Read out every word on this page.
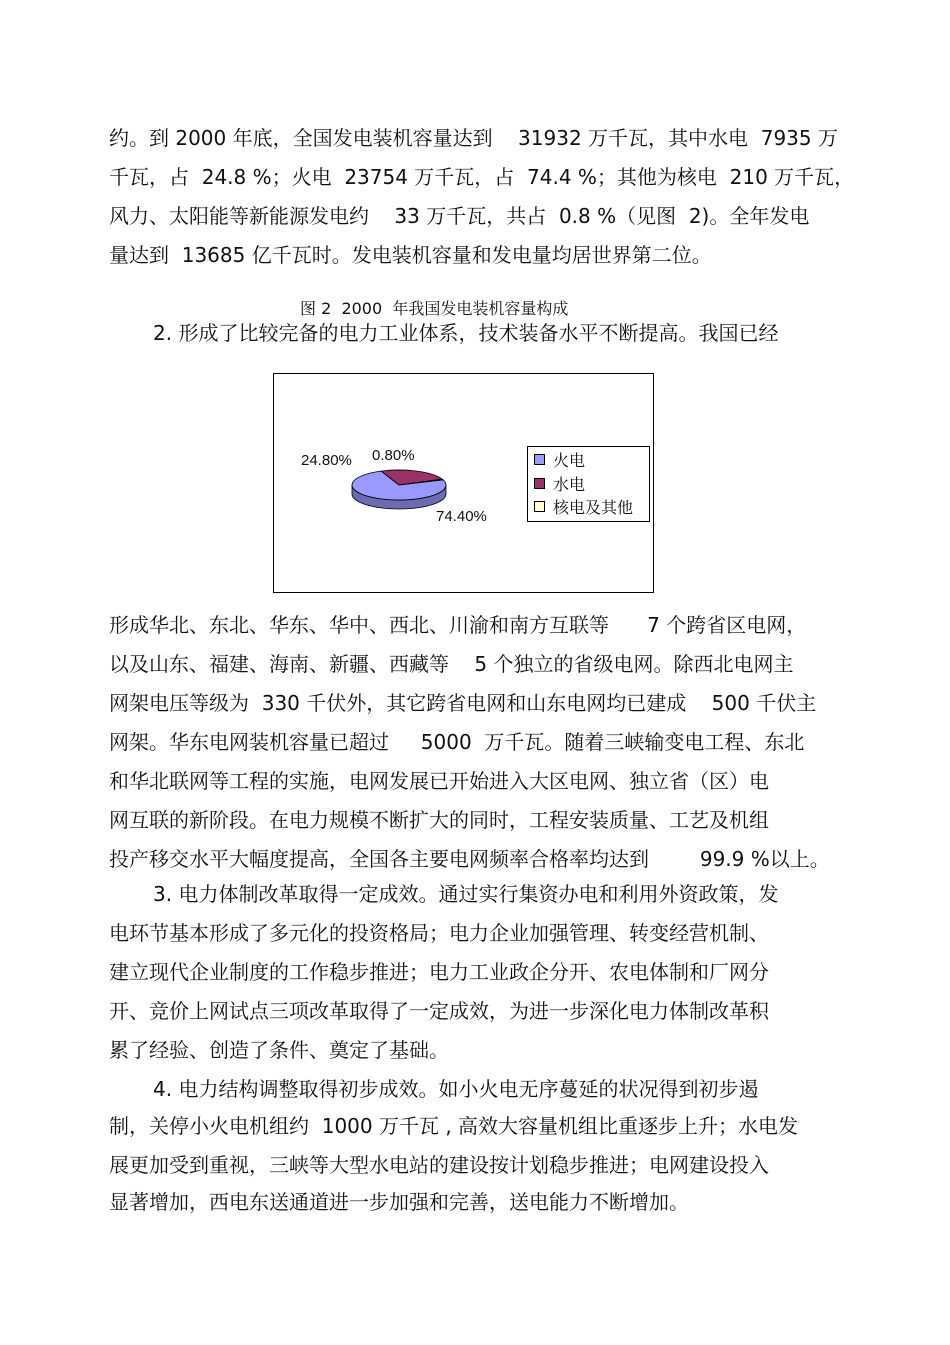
约。到 2000 年底，全国发电装机容量达到    31932 万千瓦，其中水电  7935 万

千瓦，占  24.8 %；火电  23754 万千瓦，占  74.4 %；其他为核电  210 万千瓦，

风力、太阳能等新能源发电约    33 万千瓦，共占  0.8 %（见图  2)。全年发电

量达到  13685 亿千瓦时。发电装机容量和发电量均居世界第二位。

图 2  2000  年我国发电装机容量构成

2. 形成了比较完备的电力工业体系，技术装备水平不断提高。我国已经

24.80% 0.80%
74.40%
火电
水电
核电及其他

形成华北、东北、华东、华中、西北、川渝和南方互联等      7 个跨省区电网，

以及山东、福建、海南、新疆、西藏等    5 个独立的省级电网。除西北电网主

网架电压等级为  330 千伏外，其它跨省电网和山东电网均已建成    500 千伏主

网架。华东电网装机容量已超过     5000  万千瓦。随着三峡输变电工程、东北

和华北联网等工程的实施，电网发展已开始进入大区电网、独立省（区）电

网互联的新阶段。在电力规模不断扩大的同时，工程安装质量、工艺及机组

投产移交水平大幅度提高，全国各主要电网频率合格率均达到        99.9 %以上。

3. 电力体制改革取得一定成效。通过实行集资办电和利用外资政策，发

电环节基本形成了多元化的投资格局；电力企业加强管理、转变经营机制、

建立现代企业制度的工作稳步推进；电力工业政企分开、农电体制和厂网分

开、竞价上网试点三项改革取得了一定成效，为进一步深化电力体制改革积

累了经验、创造了条件、奠定了基础。

4. 电力结构调整取得初步成效。如小火电无序蔓延的状况得到初步遏

制，关停小火电机组约  1000 万千瓦 , 高效大容量机组比重逐步上升；水电发

展更加受到重视，三峡等大型水电站的建设按计划稳步推进；电网建设投入

显著增加，西电东送通道进一步加强和完善，送电能力不断增加。
